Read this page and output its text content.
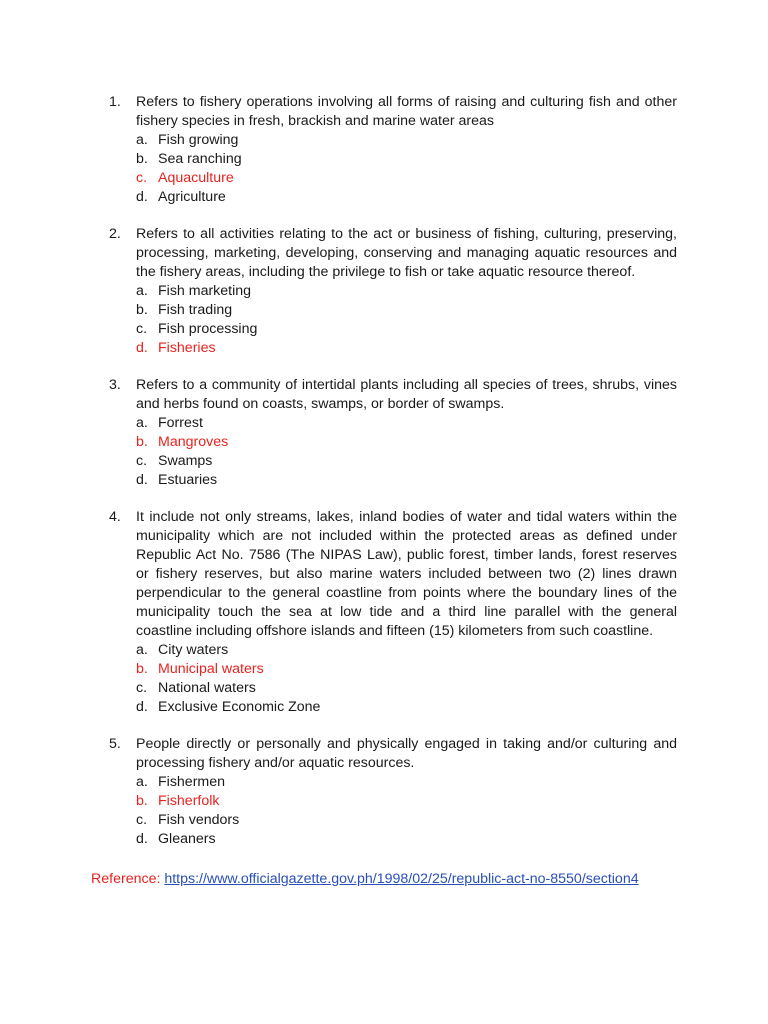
1.	Refers to fishery operations involving all forms of raising and culturing fish and other fishery species in fresh, brackish and marine water areas
a. Fish growing
b. Sea ranching
c. Aquaculture
d. Agriculture
2.	Refers to all activities relating to the act or business of fishing, culturing, preserving, processing, marketing, developing, conserving and managing aquatic resources and the fishery areas, including the privilege to fish or take aquatic resource thereof.
a. Fish marketing
b. Fish trading
c. Fish processing
d. Fisheries
3.	Refers to a community of intertidal plants including all species of trees, shrubs, vines and herbs found on coasts, swamps, or border of swamps.
a. Forrest
b. Mangroves
c. Swamps
d. Estuaries
4.	It include not only streams, lakes, inland bodies of water and tidal waters within the municipality which are not included within the protected areas as defined under Republic Act No. 7586 (The NIPAS Law), public forest, timber lands, forest reserves or fishery reserves, but also marine waters included between two (2) lines drawn perpendicular to the general coastline from points where the boundary lines of the municipality touch the sea at low tide and a third line parallel with the general coastline including offshore islands and fifteen (15) kilometers from such coastline.
a. City waters
b. Municipal waters
c. National waters
d. Exclusive Economic Zone
5.	People directly or personally and physically engaged in taking and/or culturing and processing fishery and/or aquatic resources.
a. Fishermen
b. Fisherfolk
c. Fish vendors
d. Gleaners
Reference: https://www.officialgazette.gov.ph/1998/02/25/republic-act-no-8550/section4
